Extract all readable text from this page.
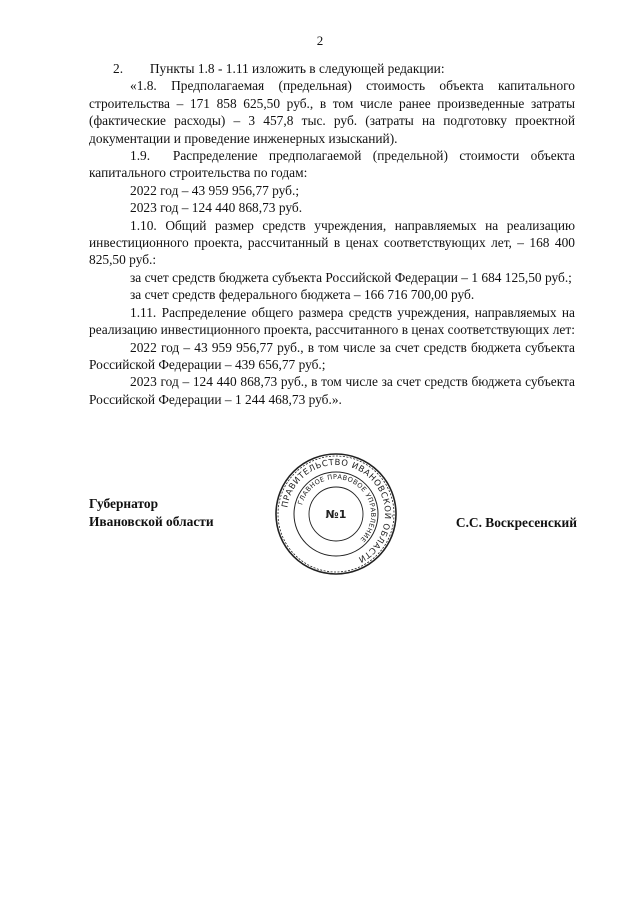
2

2.        Пункты 1.8 - 1.11 изложить в следующей редакции:

«1.8. Предполагаемая (предельная) стоимость объекта капитального строительства – 171 858 625,50 руб., в том числе ранее произведенные затраты (фактические расходы) – 3 457,8 тыс. руб. (затраты на подготовку проектной документации и проведение инженерных изысканий).

1.9.  Распределение предполагаемой (предельной) стоимости объекта капитального строительства по годам:

2022 год – 43 959 956,77 руб.;

2023 год – 124 440 868,73 руб.

1.10. Общий размер средств учреждения, направляемых на реализацию инвестиционного проекта, рассчитанный в ценах соответствующих лет, – 168 400 825,50 руб.:

за счет средств бюджета субъекта Российской Федерации – 1 684 125,50 руб.;

за счет средств федерального бюджета – 166 716 700,00 руб.

1.11. Распределение общего размера средств учреждения, направляемых на реализацию инвестиционного проекта, рассчитанного в ценах соответствующих лет:

2022 год – 43 959 956,77 руб., в том числе за счет средств бюджета субъекта Российской Федерации – 439 656,77 руб.;

2023 год – 124 440 868,73 руб., в том числе за счет средств бюджета субъекта Российской Федерации – 1 244 468,73 руб.».

Губернатор
Ивановской области	С.С. Воскресенский
ПРАВИТЕЛЬСТВО ИВАНОВСКОЙ ОБЛАСТИ
ГЛАВНОЕ ПРАВОВОЕ УПРАВЛЕНИЕ
№1
